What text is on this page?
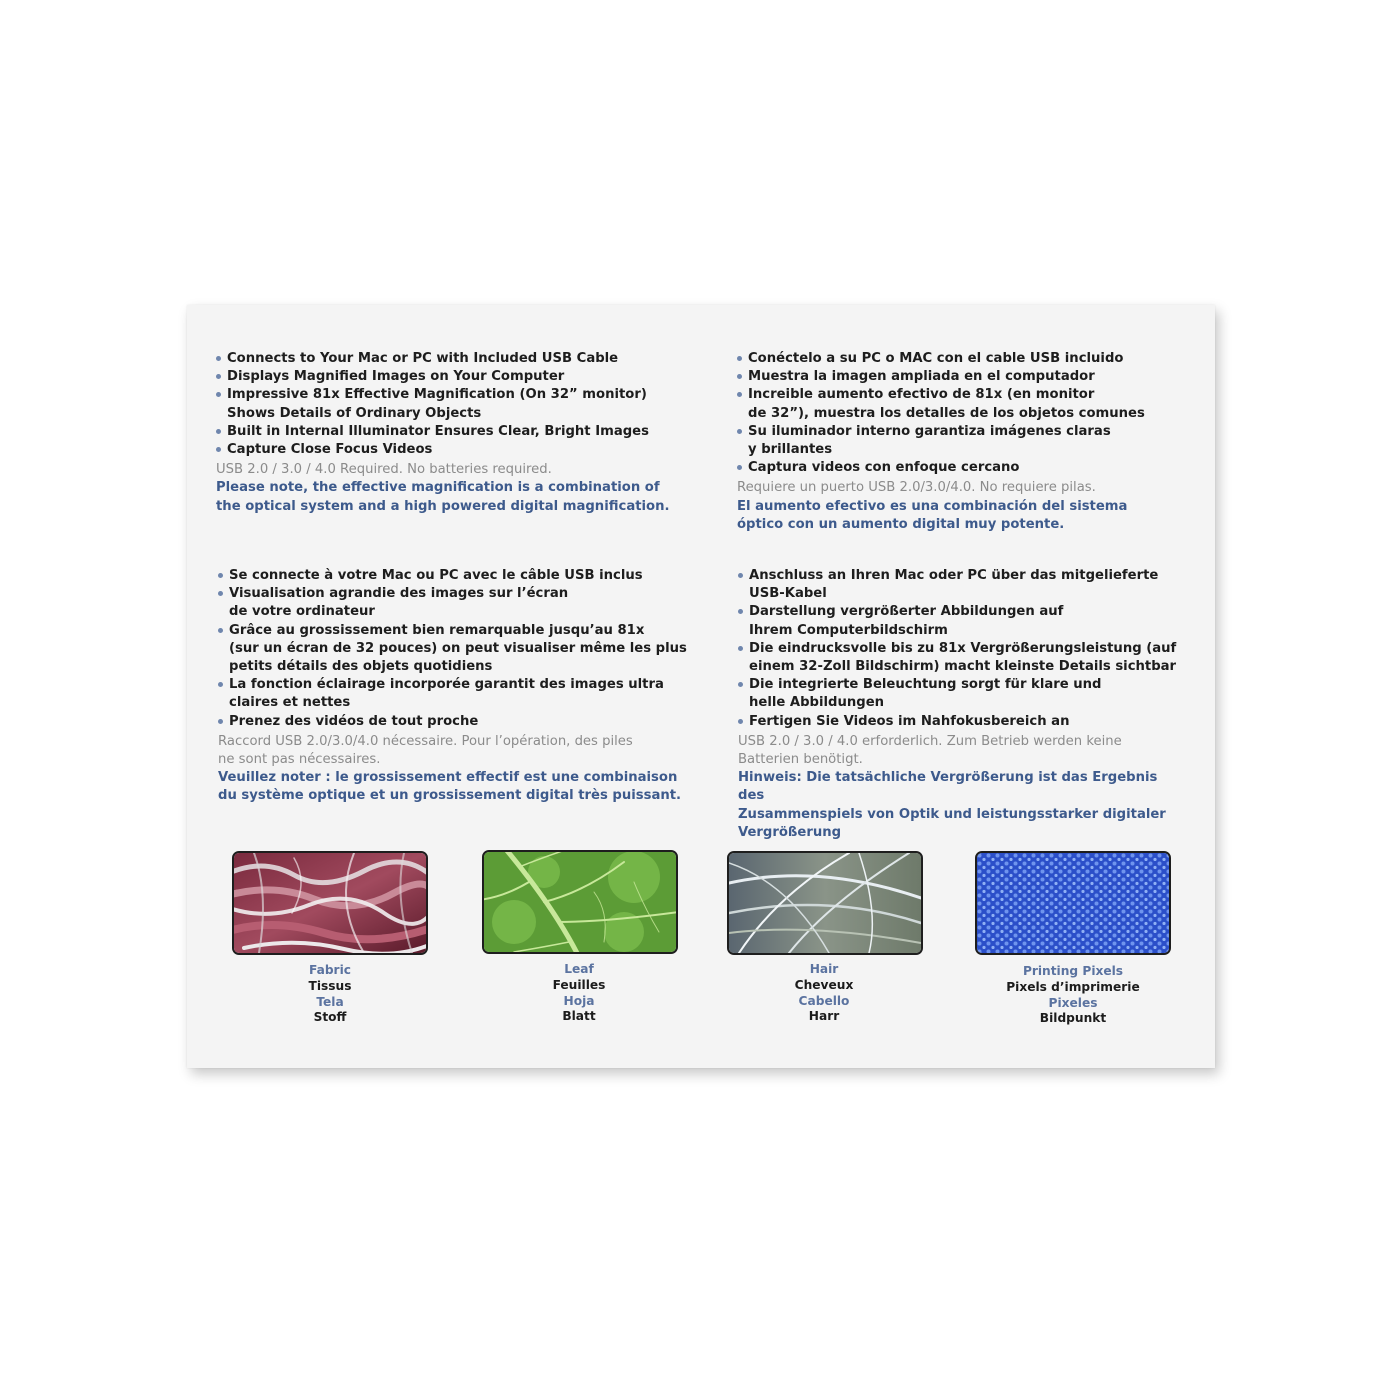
Connects to Your Mac or PC with Included USB Cable
Displays Magnified Images on Your Computer
Impressive 81x Effective Magnification (On 32” monitor)
Shows Details of Ordinary Objects
Built in Internal Illuminator Ensures Clear, Bright Images
Capture Close Focus Videos
USB 2.0 / 3.0 / 4.0 Required. No batteries required.
Please note, the effective magnification is a combination of the optical system and a high powered digital magnification.
Conéctelo a su PC o MAC con el cable USB incluido
Muestra la imagen ampliada en el computador
Increible aumento efectivo de 81x (en monitor
de 32”), muestra los detalles de los objetos comunes
Su iluminador interno garantiza imágenes claras
y brillantes
Captura videos con enfoque cercano
Requiere un puerto USB 2.0/3.0/4.0. No requiere pilas.
El aumento efectivo es una combinación del sistema óptico con un aumento digital muy potente.
Se connecte à votre Mac ou PC avec le câble USB inclus
Visualisation agrandie des images sur l’écran
de votre ordinateur
Grâce au grossissement bien remarquable jusqu’au 81x
(sur un écran de 32 pouces) on peut visualiser même les plus
petits détails des objets quotidiens
La fonction éclairage incorporée garantit des images ultra
claires et nettes
Prenez des vidéos de tout proche
Raccord USB 2.0/3.0/4.0 nécessaire. Pour l’opération, des piles
ne sont pas nécessaires.
Veuillez noter : le grossissement effectif est une combinaison
du système optique et un grossissement digital très puissant.
Anschluss an Ihren Mac oder PC über das mitgelieferte
USB-Kabel
Darstellung vergrößerter Abbildungen auf
Ihrem Computerbildschirm
Die eindrucksvolle bis zu 81x Vergrößerungsleistung (auf
einem 32-Zoll Bildschirm) macht kleinste Details sichtbar
Die integrierte Beleuchtung sorgt für klare und
helle Abbildungen
Fertigen Sie Videos im Nahfokusbereich an
USB 2.0 / 3.0 / 4.0 erforderlich. Zum Betrieb werden keine
Batterien benötigt.
Hinweis: Die tatsächliche Vergrößerung ist das Ergebnis des
Zusammenspiels von Optik und leistungsstarker digitaler
Vergrößerung
Fabric
Tissus
Tela
Stoff
Leaf
Feuilles
Hoja
Blatt
Hair
Cheveux
Cabello
Harr
Printing Pixels
Pixels d’imprimerie
Pixeles
Bildpunkt
